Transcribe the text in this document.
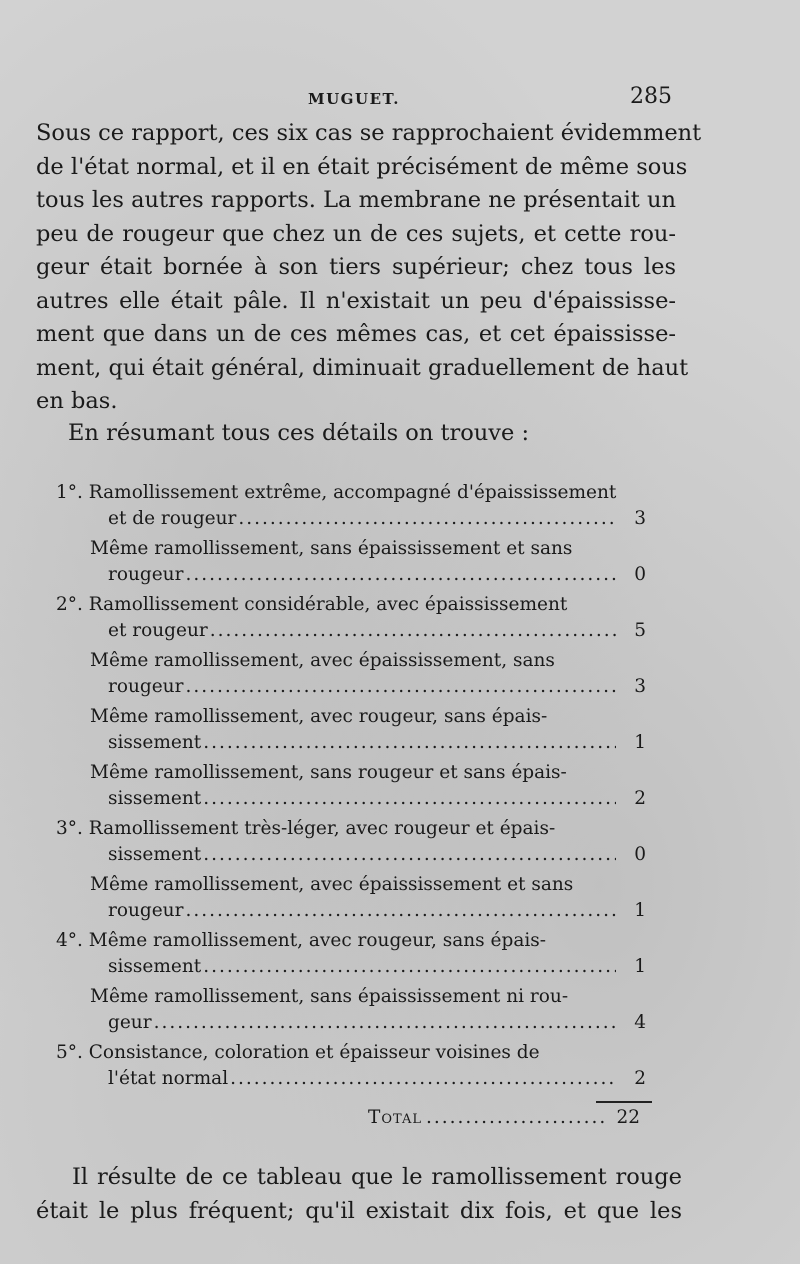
MUGUET.	285
Sous ce rapport, ces six cas se rapprochaient évidemment
de l'état normal, et il en était précisément de même sous
tous les autres rapports. La membrane ne présentait un
peu de rougeur que chez un de ces sujets, et cette rou-
geur était bornée à son tiers supérieur; chez tous les
autres elle était pâle. Il n'existait un peu d'épaississe-
ment que dans un de ces mêmes cas, et cet épaississe-
ment, qui était général, diminuait graduellement de haut
en bas.
En résumant tous ces détails on trouve :
1°. Ramollissement extrême, accompagné d'épaississement
et de rougeur .....	3
Même ramollissement, sans épaississement et sans
rougeur .....	0
2°. Ramollissement considérable, avec épaississement
et rougeur .....	5
Même ramollissement, avec épaississement, sans
rougeur .....	3
Même ramollissement, avec rougeur, sans épais-
sissement .....	1
Même ramollissement, sans rougeur et sans épais-
sissement .....	2
3°. Ramollissement très-léger, avec rougeur et épais-
sissement .....	0
Même ramollissement, avec épaississement et sans
rougeur .....	1
4°. Même ramollissement, avec rougeur, sans épais-
sissement .....	1
Même ramollissement, sans épaississement ni rou-
geur .....	4
5°. Consistance, coloration et épaisseur voisines de
l'état normal .....	2
Total .....	22
Il résulte de ce tableau que le ramollissement rouge
était le plus fréquent; qu'il existait dix fois, et que les
